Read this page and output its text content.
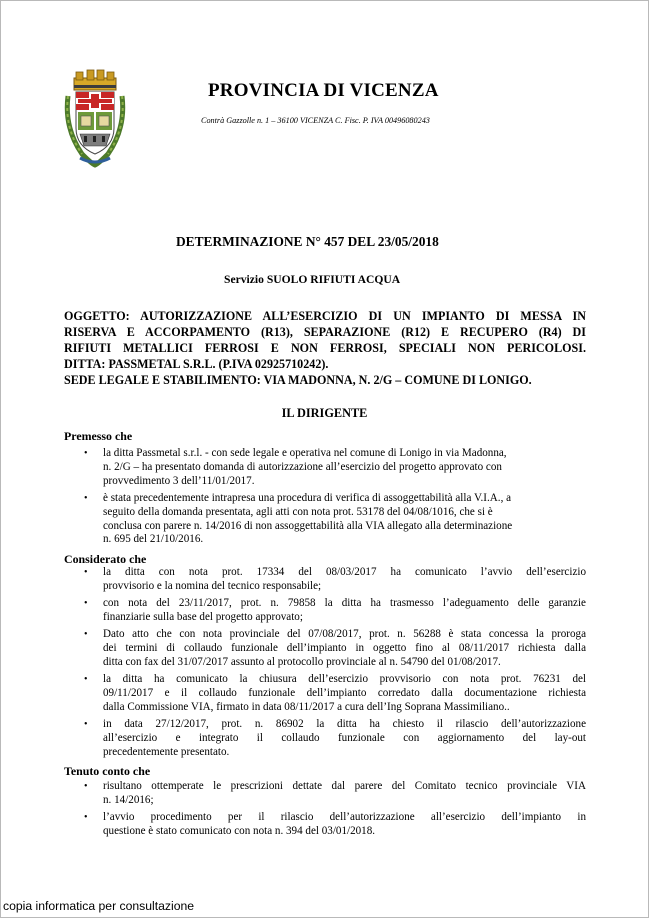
PROVINCIA DI VICENZA
Contrà Gazzolle n. 1 – 36100 VICENZA C. Fisc. P. IVA 00496080243
DETERMINAZIONE N° 457 DEL 23/05/2018
Servizio SUOLO RIFIUTI ACQUA
OGGETTO: AUTORIZZAZIONE ALL’ESERCIZIO DI UN IMPIANTO DI MESSA IN
RISERVA E ACCORPAMENTO (R13), SEPARAZIONE (R12) E RECUPERO (R4) DI
RIFIUTI METALLICI FERROSI E NON FERROSI, SPECIALI NON PERICOLOSI.
DITTA: PASSMETAL S.R.L. (P.IVA 02925710242).
SEDE LEGALE E STABILIMENTO: VIA MADONNA, N. 2/G – COMUNE DI LONIGO.
IL DIRIGENTE
Premesso che
• la ditta Passmetal s.r.l. - con sede legale e operativa nel comune di Lonigo in via Madonna,
n. 2/G – ha presentato domanda di autorizzazione all’esercizio del progetto approvato con
provvedimento 3 dell’11/01/2017.
• è stata precedentemente intrapresa una procedura di verifica di assoggettabilità alla V.I.A., a
seguito della domanda presentata, agli atti con nota prot. 53178 del 04/08/1016, che si è
conclusa con parere n. 14/2016 di non assoggettabilità alla VIA allegato alla determinazione
n. 695 del 21/10/2016.
Considerato che
• la ditta con nota prot. 17334 del 08/03/2017 ha comunicato l’avvio dell’esercizio
provvisorio e la nomina del tecnico responsabile;
• con nota del 23/11/2017, prot. n. 79858 la ditta ha trasmesso l’adeguamento delle garanzie
finanziarie sulla base del progetto approvato;
• Dato atto che con nota provinciale del 07/08/2017, prot. n. 56288 è stata concessa la proroga
dei termini di collaudo funzionale dell’impianto in oggetto fino al 08/11/2017 richiesta dalla
ditta con fax del 31/07/2017 assunto al protocollo provinciale al n. 54790 del 01/08/2017.
• la ditta ha comunicato la chiusura dell’esercizio provvisorio con nota prot. 76231 del
09/11/2017 e il collaudo funzionale dell’impianto corredato dalla documentazione richiesta
dalla Commissione VIA, firmato in data 08/11/2017 a cura dell’Ing Soprana Massimiliano..
• in data 27/12/2017, prot. n. 86902 la ditta ha chiesto il rilascio dell’autorizzazione
all’esercizio e integrato il collaudo funzionale con aggiornamento del lay-out
precedentemente presentato.
Tenuto conto che
• risultano ottemperate le prescrizioni dettate dal parere del Comitato tecnico provinciale VIA
n. 14/2016;
• l’avvio procedimento per il rilascio dell’autorizzazione all’esercizio dell’impianto in
questione è stato comunicato con nota n. 394 del 03/01/2018.
copia informatica per consultazione
